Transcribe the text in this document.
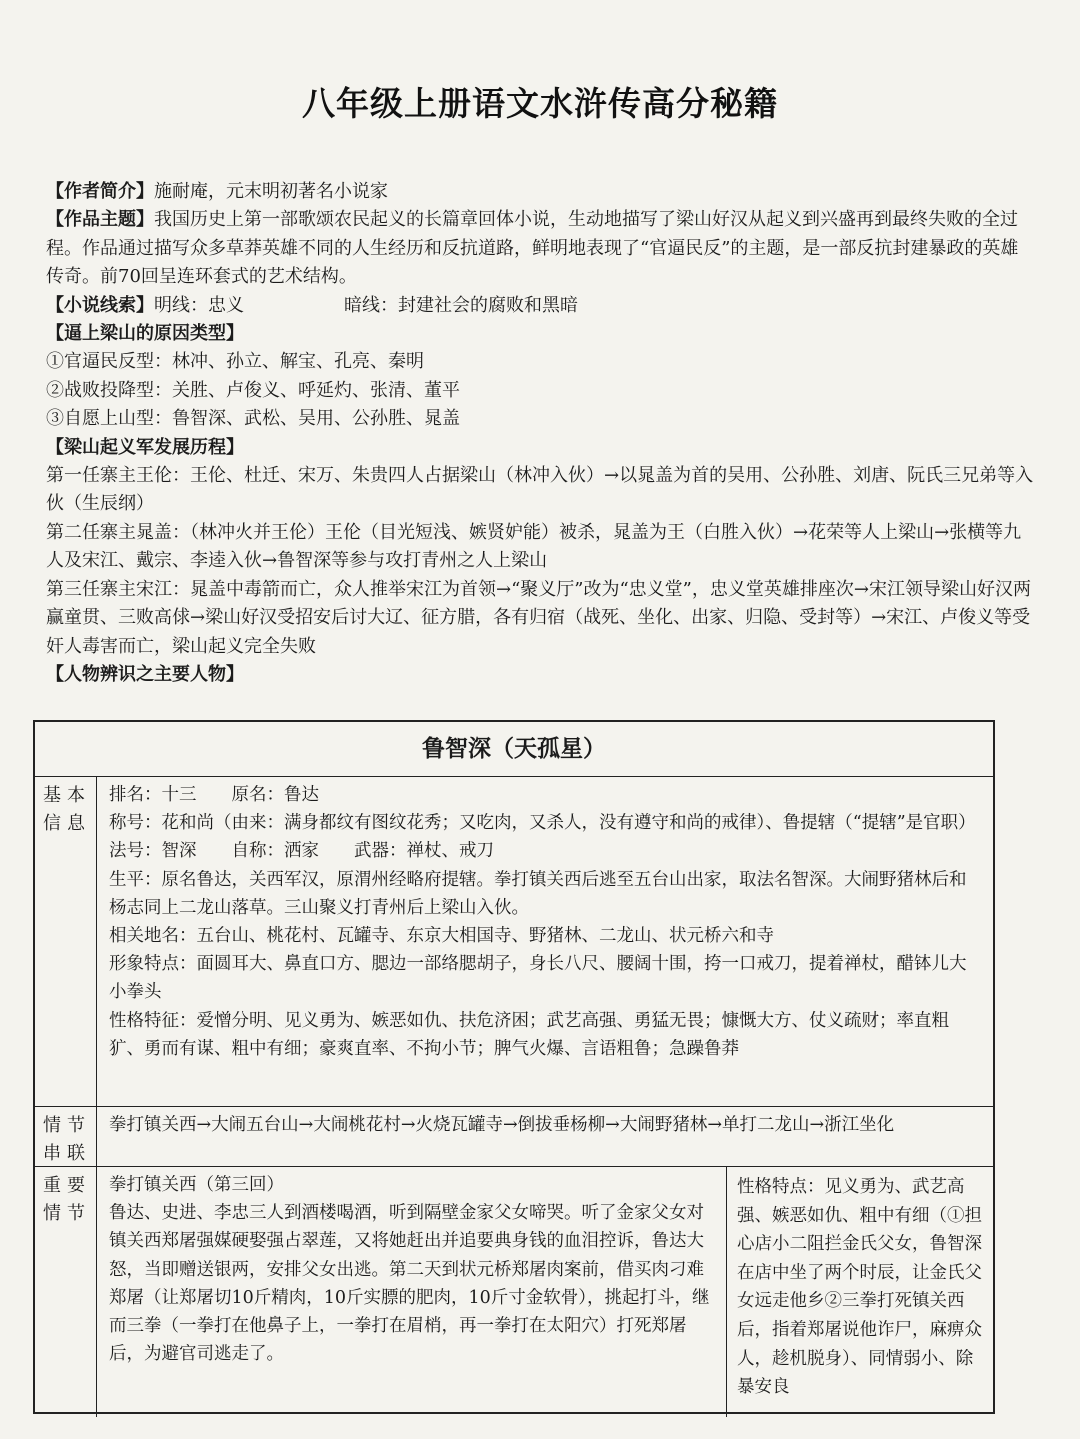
八年级上册语文水浒传高分秘籍

【作者简介】施耐庵，元末明初著名小说家

【作品主题】我国历史上第一部歌颂农民起义的长篇章回体小说，生动地描写了梁山好汉从起义到兴盛再到最终失败的全过程。作品通过描写众多草莽英雄不同的人生经历和反抗道路，鲜明地表现了“官逼民反”的主题，是一部反抗封建暴政的英雄传奇。前70回呈连环套式的艺术结构。

【小说线索】明线：忠义	暗线：封建社会的腐败和黑暗

【逼上梁山的原因类型】

①官逼民反型：林冲、孙立、解宝、孔亮、秦明

②战败投降型：关胜、卢俊义、呼延灼、张清、董平

③自愿上山型：鲁智深、武松、吴用、公孙胜、晁盖

【梁山起义军发展历程】

第一任寨主王伦：王伦、杜迁、宋万、朱贵四人占据梁山（林冲入伙）→以晁盖为首的吴用、公孙胜、刘唐、阮氏三兄弟等入伙（生辰纲）

第二任寨主晁盖：（林冲火并王伦）王伦（目光短浅、嫉贤妒能）被杀，晁盖为王（白胜入伙）→花荣等人上梁山→张横等九人及宋江、戴宗、李逵入伙→鲁智深等参与攻打青州之人上梁山

第三任寨主宋江：晁盖中毒箭而亡，众人推举宋江为首领→“聚义厅”改为“忠义堂”，忠义堂英雄排座次→宋江领导梁山好汉两赢童贯、三败高俅→梁山好汉受招安后讨大辽、征方腊，各有归宿（战死、坐化、出家、归隐、受封等）→宋江、卢俊义等受奸人毒害而亡，梁山起义完全失败

【人物辨识之主要人物】

鲁智深（天孤星）
基本
信息

排名：十三　　原名：鲁达

称号：花和尚（由来：满身都纹有图纹花秀；又吃肉，又杀人，没有遵守和尚的戒律）、鲁提辖（“提辖”是官职）

法号：智深　　自称：洒家　　武器：禅杖、戒刀

生平：原名鲁达，关西军汉，原渭州经略府提辖。拳打镇关西后逃至五台山出家，取法名智深。大闹野猪林后和杨志同上二龙山落草。三山聚义打青州后上梁山入伙。

相关地名：五台山、桃花村、瓦罐寺、东京大相国寺、野猪林、二龙山、状元桥六和寺

形象特点：面圆耳大、鼻直口方、腮边一部络腮胡子，身长八尺、腰阔十围，挎一口戒刀，提着禅杖，醋钵儿大小拳头

性格特征：爱憎分明、见义勇为、嫉恶如仇、扶危济困；武艺高强、勇猛无畏；慷慨大方、仗义疏财；率直粗犷、勇而有谋、粗中有细；豪爽直率、不拘小节；脾气火爆、言语粗鲁；急躁鲁莽

情节
串联
拳打镇关西→大闹五台山→大闹桃花村→火烧瓦罐寺→倒拔垂杨柳→大闹野猪林→单打二龙山→浙江坐化
重要
情节

拳打镇关西（第三回）

鲁达、史进、李忠三人到酒楼喝酒，听到隔壁金家父女啼哭。听了金家父女对镇关西郑屠强媒硬娶强占翠莲，又将她赶出并追要典身钱的血泪控诉，鲁达大怒，当即赠送银两，安排父女出逃。第二天到状元桥郑屠肉案前，借买肉刁难郑屠（让郑屠切10斤精肉，10斤实膘的肥肉，10斤寸金软骨），挑起打斗，继而三拳（一拳打在他鼻子上，一拳打在眉梢，再一拳打在太阳穴）打死郑屠后，为避官司逃走了。

性格特点：见义勇为、武艺高强、嫉恶如仇、粗中有细（①担心店小二阻拦金氏父女，鲁智深在店中坐了两个时辰，让金氏父女远走他乡②三拳打死镇关西后，指着郑屠说他诈尸，麻痹众人，趁机脱身）、同情弱小、除暴安良
